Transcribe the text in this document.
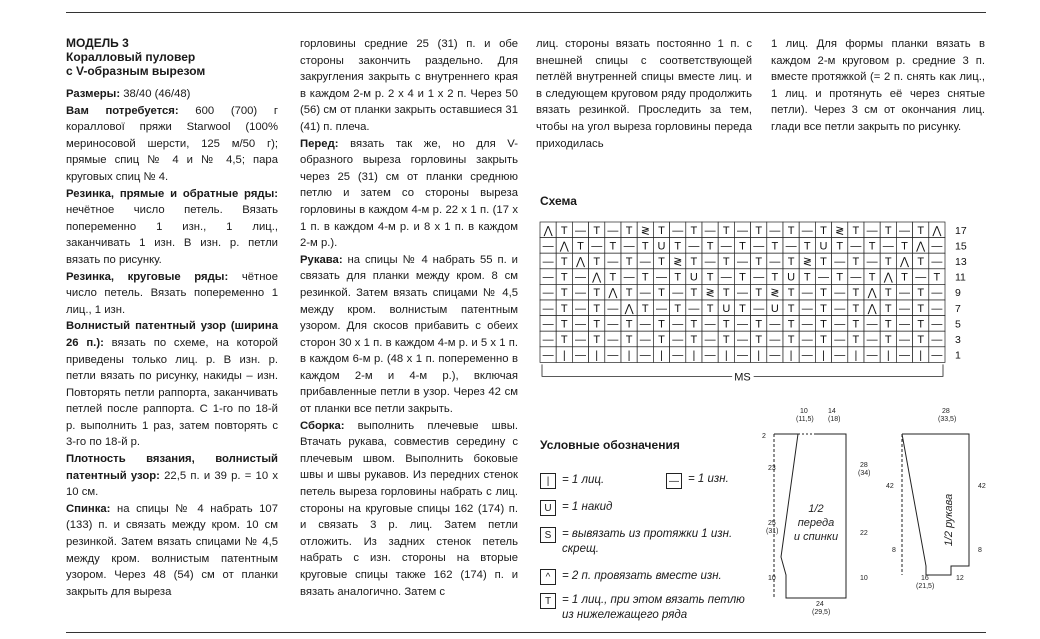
МОДЕЛЬ 3
Коралловый пуловер
с V-образным вырезом

Размеры: 38/40 (46/48)

Вам потребуется: 600 (700) г кораллової пряжи Starwool (100% мериносовой шерсти, 125 м/50 г); прямые спиц № 4 и № 4,5; пара круговых спиц № 4.

Резинка, прямые и обратные ряды: нечётное число петель. Вязать попеременно 1 изн., 1 лиц., заканчивать 1 изн. В изн. р. петли вязать по рисунку.

Резинка, круговые ряды: чётное число петель. Вязать попеременно 1 лиц., 1 изн.

Волнистый патентный узор (ширина 26 п.): вязать по схеме, на которой приведены только лиц. р. В изн. р. петли вязать по рисунку, накиды – изн. Повторять петли раппорта, заканчивать петлей после раппорта. С 1-го по 18-й р. выполнить 1 раз, затем повторять с 3-го по 18-й р.

Плотность вязания, волнистый патентный узор: 22,5 п. и 39 р. = 10 х 10 см.

Спинка: на спицы № 4 набрать 107 (133) п. и связать между кром. 10 см резинкой. Затем вязать спицами № 4,5 между кром. волнистым патентным узором. Через 48 (54) см от планки закрыть для выреза

горловины средние 25 (31) п. и обе стороны закончить раздельно. Для закругления закрыть с внутреннего края в каждом 2-м р. 2 х 4 и 1 х 2 п. Через 50 (56) см от планки закрыть оставшиеся 31 (41) п. плеча.

Перед: вязать так же, но для V-образного выреза горловины закрыть через 25 (31) см от планки среднюю петлю и затем со стороны выреза горловины в каждом 4-м р. 22 х 1 п. (17 х 1 п. в каждом 4-м р. и 8 х 1 п. в каждом 2-м р.).

Рукава: на спицы № 4 набрать 55 п. и связать для планки между кром. 8 см резинкой. Затем вязать спицами № 4,5 между кром. волнистым патентным узором. Для скосов прибавить с обеих сторон 30 х 1 п. в каждом 4-м р. и 5 х 1 п. в каждом 6-м р. (48 х 1 п. попеременно в каждом 2-м и 4-м р.), включая прибавленные петли в узор. Через 42 см от планки все петли закрыть.

Сборка: выполнить плечевые швы. Втачать рукава, совместив середину с плечевым швом. Выполнить боковые швы и швы рукавов. Из передних стенок петель выреза горловины набрать с лиц. стороны на круговые спицы 162 (174) п. и связать 3 р. лиц. Затем петли отложить. Из задних стенок петель набрать с изн. стороны на вторые круговые спицы также 162 (174) п. и вязать аналогично. Затем с

лиц. стороны вязать постоянно 1 п. с внешней спицы с соответствующей петлёй внутренней спицы вместе лиц. и в следующем круговом ряду продолжить вязать резинкой. Проследить за тем, чтобы на угол выреза горловины переда приходилась

1 лиц. Для формы планки вязать в каждом 2-м круговом р. средние 3 п. вместе протяжкой (= 2 п. снять как лиц., 1 лиц. и протянуть её через снятые петли). Через 3 см от окончания лиц. глади все петли закрыть по рисунку.

Схема
⋀ T — T — T ≷ T — T — T — T — T — T ≷ T — T — T ⋀ 17
— ⋀ T — T — T U T — T — T — T — T U T — T — T ⋀ — 15
— T ⋀ T — T — T ≷ T — T — T — T ≷ T — T — T ⋀ T — 13
— T — ⋀ T — T — T U T — T — T U T — T — T ⋀ T — T 11
— T — T ⋀ T — T — T ≷ T — T ≷ T — T — T ⋀ T — T — 9
— T — T — ⋀ T — T — T U T — U T — T — T ⋀ T — T — 7
— T — T — T — T — T — T — T — T — T — T — T — T — 5
— T — T — T — T — T — T — T — T — T — T — T — T — 3
— | — | — | — | — | — | — | — | — | — | — | — | — 1
MS
Условные обозначения
|	= 1 лиц.	— = 1 изн.
U = 1 накид
S = вывязать из протяжки 1 изн. скрещ.
^	= 2 п. провязать вместе изн.
T = 1 лиц., при этом вязать петлю из нижележащего ряда
10
(11,5)
14
(18)
2
23
25
(31)
10
28
(34)
22
10
24
(29,5)
1/2
переда
и спинки
28
(33,5)
42	42
8	8
16
(21,5)
12
1/2 рукава
